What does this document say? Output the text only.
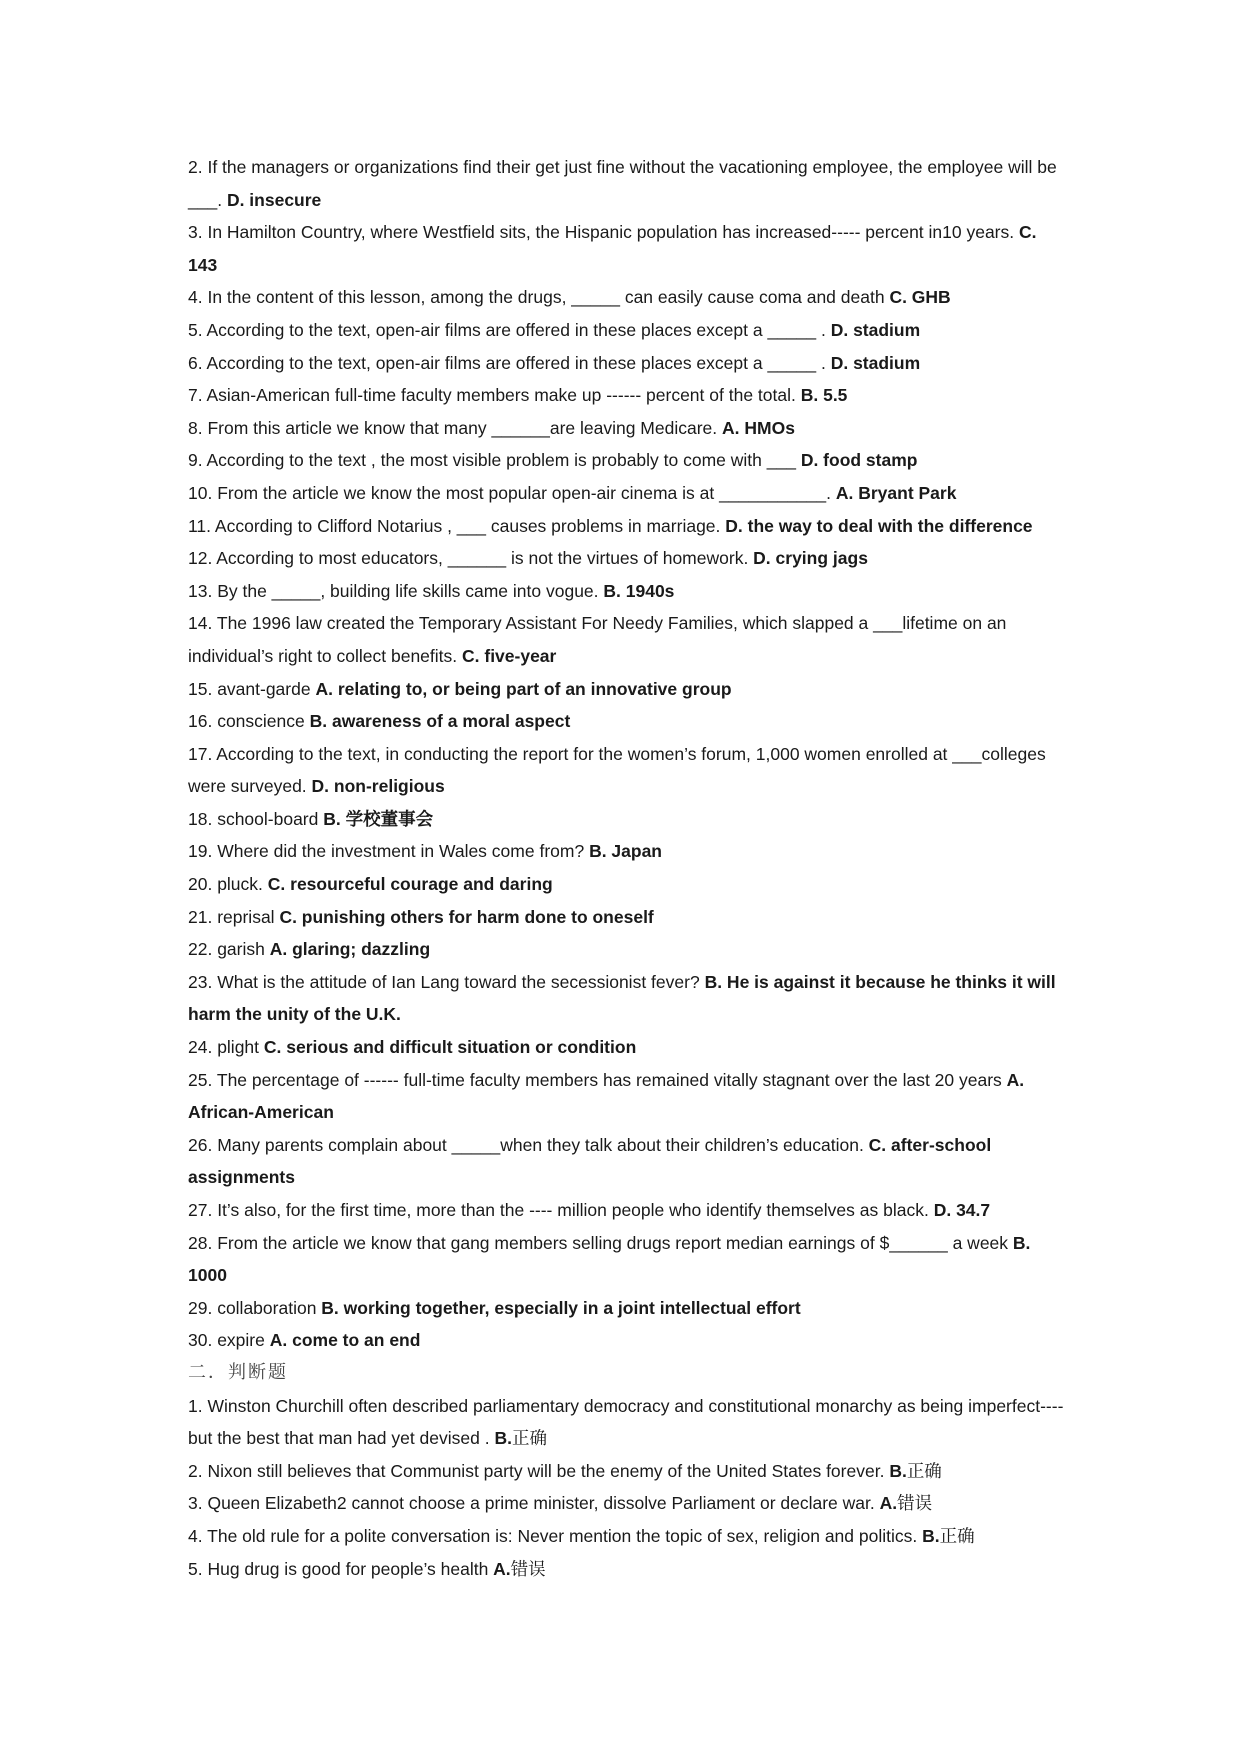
2. If the managers or organizations find their get just fine without the vacationing employee, the employee will be ___. D. insecure
3. In Hamilton Country, where Westfield sits, the Hispanic population has increased----- percent in10 years. C. 143
4. In the content of this lesson, among the drugs, _____ can easily cause coma and death C. GHB
5. According to the text, open-air films are offered in these places except a _____ . D. stadium
6. According to the text, open-air films are offered in these places except a _____ . D. stadium
7. Asian-American full-time faculty members make up ------ percent of the total. B. 5.5
8. From this article we know that many ______are leaving Medicare. A. HMOs
9. According to the text , the most visible problem is probably to come with ___ D. food stamp
10. From the article we know the most popular open-air cinema is at ___________. A. Bryant Park
11. According to Clifford Notarius , ___ causes problems in marriage. D. the way to deal with the difference
12. According to most educators, ______ is not the virtues of homework. D. crying jags
13. By the _____, building life skills came into vogue. B. 1940s
14. The 1996 law created the Temporary Assistant For Needy Families, which slapped a ___lifetime on an individual’s right to collect benefits. C. five-year
15. avant-garde A. relating to, or being part of an innovative group
16. conscience B. awareness of a moral aspect
17. According to the text, in conducting the report for the women’s forum, 1,000 women enrolled at ___colleges were surveyed. D. non-religious
18. school-board B. 学校董事会
19. Where did the investment in Wales come from? B. Japan
20. pluck. C. resourceful courage and daring
21. reprisal C. punishing others for harm done to oneself
22. garish A. glaring; dazzling
23. What is the attitude of Ian Lang toward the secessionist fever? B. He is against it because he thinks it will harm the unity of the U.K.
24. plight C. serious and difficult situation or condition
25. The percentage of ------ full-time faculty members has remained vitally stagnant over the last 20 years A. African-American
26. Many parents complain about _____when they talk about their children’s education. C. after-school assignments
27. It’s also, for the first time, more than the ---- million people who identify themselves as black. D. 34.7
28. From the article we know that gang members selling drugs report median earnings of $______ a week B. 1000
29. collaboration B. working together, especially in a joint intellectual effort
30. expire A. come to an end
二．判断题
1. Winston Churchill often described parliamentary democracy and constitutional monarchy as being imperfect----but the best that man had yet devised . B.正确
2. Nixon still believes that Communist party will be the enemy of the United States forever. B.正确
3. Queen Elizabeth2 cannot choose a prime minister, dissolve Parliament or declare war. A.错误
4. The old rule for a polite conversation is: Never mention the topic of sex, religion and politics. B.正确
5. Hug drug is good for people’s health A.错误
